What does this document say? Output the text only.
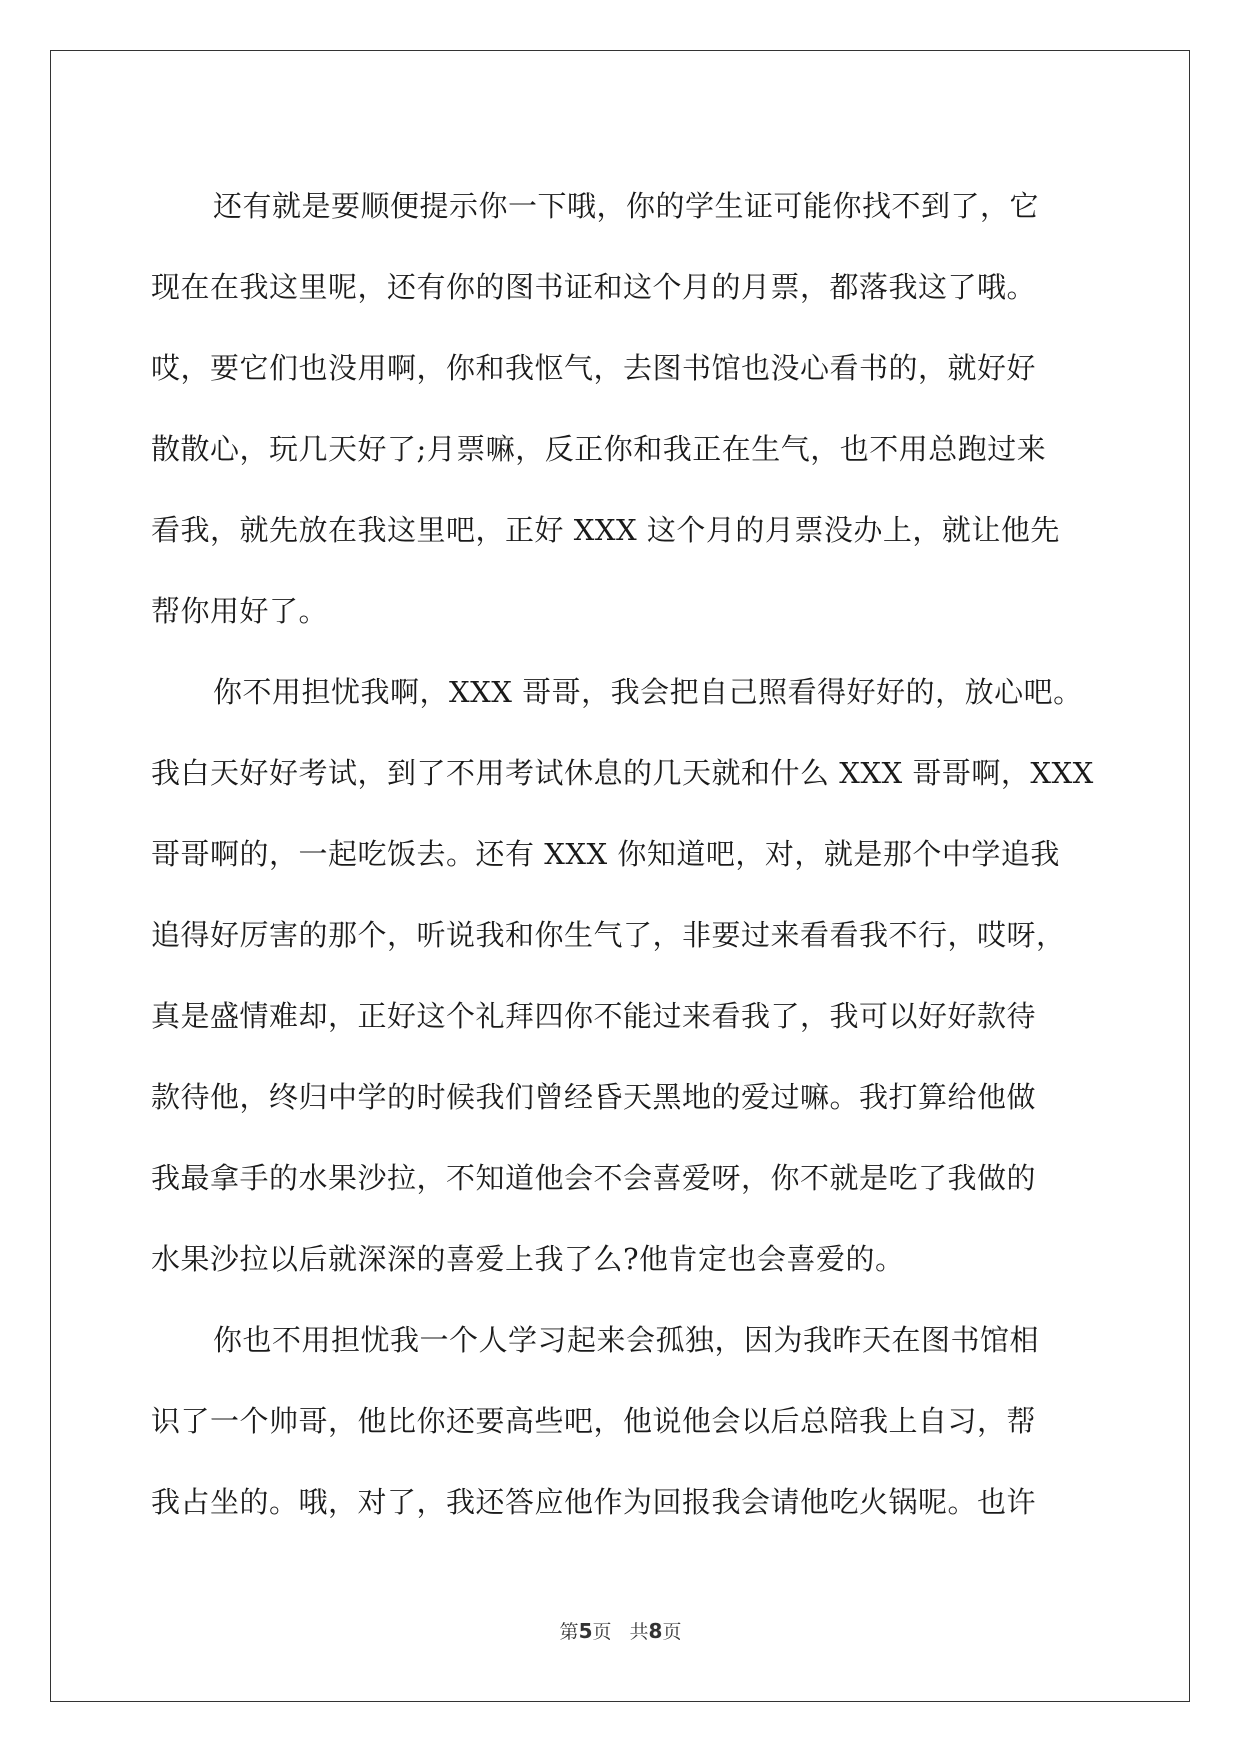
还有就是要顺便提示你一下哦，你的学生证可能你找不到了，它
现在在我这里呢，还有你的图书证和这个月的月票，都落我这了哦。
哎，要它们也没用啊，你和我怄气，去图书馆也没心看书的，就好好
散散心，玩几天好了;月票嘛，反正你和我正在生气，也不用总跑过来
看我，就先放在我这里吧，正好 XXX 这个月的月票没办上，就让他先
帮你用好了。
你不用担忧我啊，XXX 哥哥，我会把自己照看得好好的，放心吧。
我白天好好考试，到了不用考试休息的几天就和什么 XXX 哥哥啊，XXX
哥哥啊的，一起吃饭去。还有 XXX 你知道吧，对，就是那个中学追我
追得好厉害的那个，听说我和你生气了，非要过来看看我不行，哎呀，
真是盛情难却，正好这个礼拜四你不能过来看我了，我可以好好款待
款待他，终归中学的时候我们曾经昏天黑地的爱过嘛。我打算给他做
我最拿手的水果沙拉，不知道他会不会喜爱呀，你不就是吃了我做的
水果沙拉以后就深深的喜爱上我了么?他肯定也会喜爱的。
你也不用担忧我一个人学习起来会孤独，因为我昨天在图书馆相
识了一个帅哥，他比你还要高些吧，他说他会以后总陪我上自习，帮
我占坐的。哦，对了，我还答应他作为回报我会请他吃火锅呢。也许
第5页 共8页
